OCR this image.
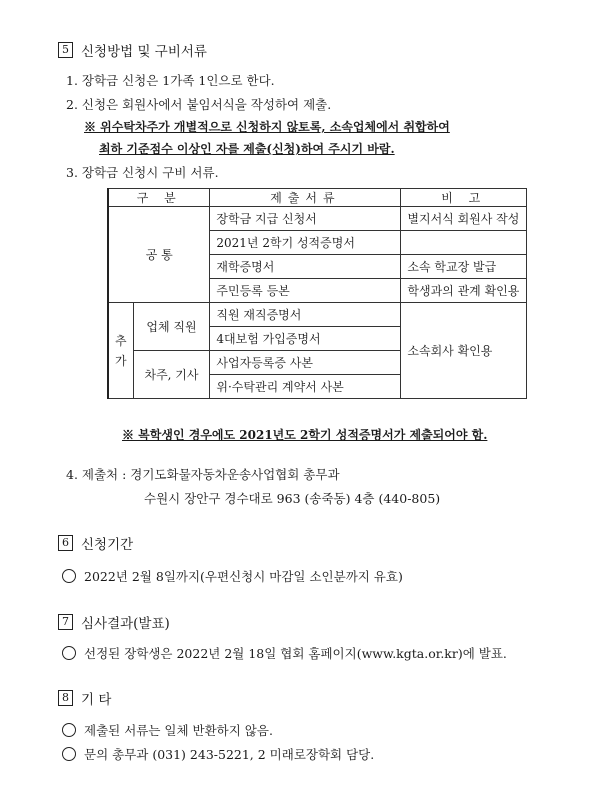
5 신청방법 및 구비서류
1. 장학금 신청은 1가족 1인으로 한다.
2. 신청은 회원사에서 붙임서식을 작성하여 제출.
※ 위수탁차주가 개별적으로 신청하지 않토록, 소속업체에서 취합하여
최하 기준점수 이상인 자를 제출(신청)하여 주시기 바람.
3. 장학금 신청시 구비 서류.
구 분		제출서류	비 고
공 통		장학금 지급 신청서	별지서식 회원사 작성
		2021년 2학기 성적증명서	
		재학증명서	소속 학교장 발급
		주민등록 등본	학생과의 관계 확인용
추
가	업체 직원	직원 재직증명서	소속회사 확인용
		4대보험 가입증명서	
	차주, 기사	사업자등록증 사본	
		위·수탁관리 계약서 사본	
※ 복학생인 경우에도 2021년도 2학기 성적증명서가 제출되어야 함.
4. 제출처 : 경기도화물자동차운송사업협회 총무과
수원시 장안구 경수대로 963 (송죽동) 4층 (440-805)
6 신청기간
2022년 2월 8일까지(우편신청시 마감일 소인분까지 유효)
7 심사결과(발표)
선정된 장학생은 2022년 2월 18일 협회 홈페이지(www.kgta.or.kr)에 발표.
8 기 타
제출된 서류는 일체 반환하지 않음.
문의 총무과 (031) 243-5221, 2 미래로장학회 담당.
